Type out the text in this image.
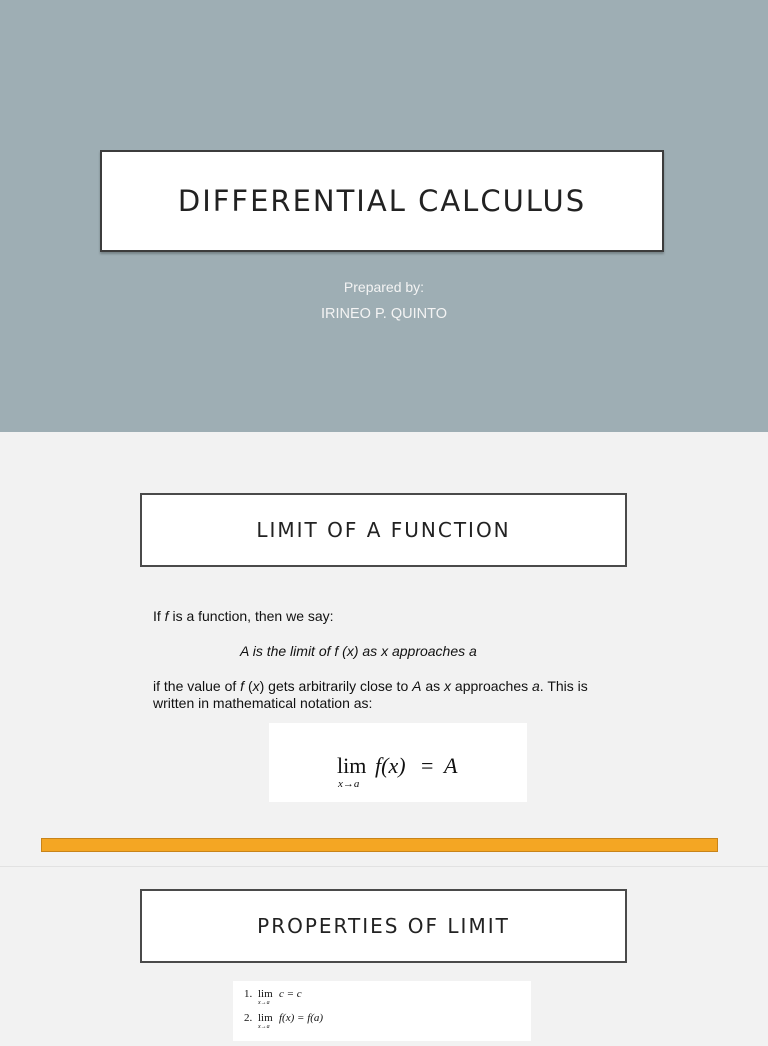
DIFFERENTIAL CALCULUS
Prepared by:
IRINEO P. QUINTO
LIMIT OF A FUNCTION
If f is a function, then we say:
A is the limit of f (x) as x approaches a
if the value of f (x) gets arbitrarily close to A as x approaches a. This is written in mathematical notation as:
lim
x→a
f(x) = A
PROPERTIES OF LIMIT
1. lim
x→a
c = c
2. lim
x→a
f(x) = f(a)
